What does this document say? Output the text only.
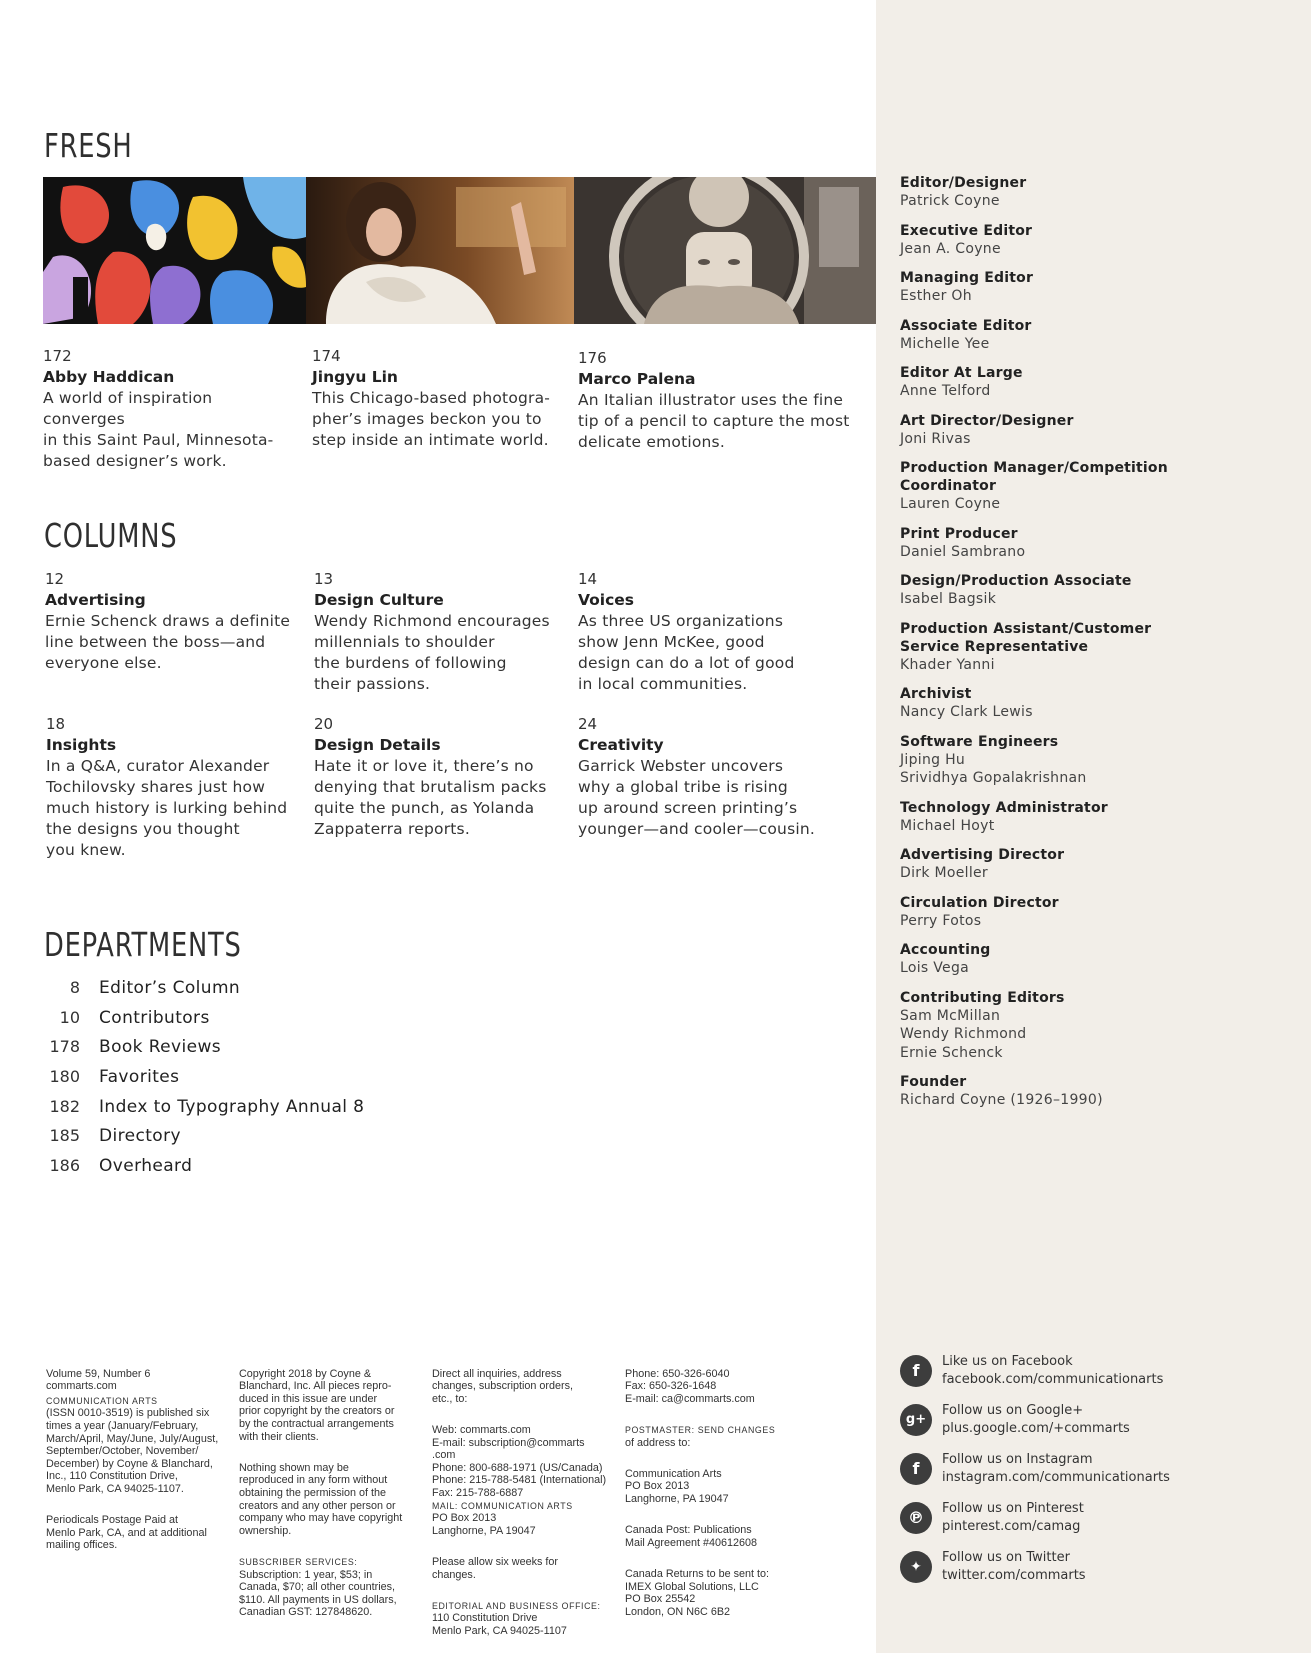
FRESH
172
Abby Haddican
A world of inspiration converges
in this Saint Paul, Minnesota-
based designer’s work.
174
Jingyu Lin
This Chicago-based photogra-
pher’s images beckon you to
step inside an intimate world.
176
Marco Palena
An Italian illustrator uses the fine
tip of a pencil to capture the most
delicate emotions.
COLUMNS
12
Advertising
Ernie Schenck draws a definite
line between the boss—and
everyone else.
13
Design Culture
Wendy Richmond encourages
millennials to shoulder
the burdens of following
their passions.
14
Voices
As three US organizations
show Jenn McKee, good
design can do a lot of good
in local communities.
18
Insights
In a Q&A, curator Alexander
Tochilovsky shares just how
much history is lurking behind
the designs you thought
you knew.
20
Design Details
Hate it or love it, there’s no
denying that brutalism packs
quite the punch, as Yolanda
Zappaterra reports.
24
Creativity
Garrick Webster uncovers
why a global tribe is rising
up around screen printing’s
younger—and cooler—cousin.
DEPARTMENTS
8 Editor’s Column
10 Contributors
178 Book Reviews
180 Favorites
182 Index to Typography Annual 8
185 Directory
186 Overheard
Editor/Designer
Patrick Coyne
Executive Editor
Jean A. Coyne
Managing Editor
Esther Oh
Associate Editor
Michelle Yee
Editor At Large
Anne Telford
Art Director/Designer
Joni Rivas
Production Manager/Competition
Coordinator
Lauren Coyne
Print Producer
Daniel Sambrano
Design/Production Associate
Isabel Bagsik
Production Assistant/Customer
Service Representative
Khader Yanni
Archivist
Nancy Clark Lewis
Software Engineers
Jiping Hu
Srividhya Gopalakrishnan
Technology Administrator
Michael Hoyt
Advertising Director
Dirk Moeller
Circulation Director
Perry Fotos
Accounting
Lois Vega
Contributing Editors
Sam McMillan
Wendy Richmond
Ernie Schenck
Founder
Richard Coyne (1926–1990)

Volume 59, Number 6
commarts.com
COMMUNICATION ARTS

(ISSN 0010-3519) is published six
times a year (January/February,
March/April, May/June, July/August,
September/October, November/
December) by Coyne & Blanchard,
Inc., 110 Constitution Drive,
Menlo Park, CA 94025-1107.

Periodicals Postage Paid at
Menlo Park, CA, and at additional
mailing offices.

Copyright 2018 by Coyne &
Blanchard, Inc. All pieces repro-
duced in this issue are under
prior copyright by the creators or
by the contractual arrangements
with their clients.

Nothing shown may be
reproduced in any form without
obtaining the permission of the
creators and any other person or
company who may have copyright
ownership.

SUBSCRIBER SERVICES:

Subscription: 1 year, $53; in
Canada, $70; all other countries,
$110. All payments in US dollars,
Canadian GST: 127848620.

Direct all inquiries, address
changes, subscription orders,
etc., to:

Web: commarts.com
E-mail: subscription@commarts
.com
Phone: 800-688-1971 (US/Canada)
Phone: 215-788-5481 (International)
Fax: 215-788-6887
MAIL: COMMUNICATION ARTS

PO Box 2013
Langhorne, PA 19047

Please allow six weeks for
changes.

EDITORIAL AND BUSINESS OFFICE:

110 Constitution Drive
Menlo Park, CA 94025-1107

Phone: 650-326-6040
Fax: 650-326-1648
E-mail: ca@commarts.com

POSTMASTER: SEND CHANGES

of address to:

Communication Arts
PO Box 2013
Langhorne, PA 19047

Canada Post: Publications
Mail Agreement #40612608

Canada Returns to be sent to:
IMEX Global Solutions, LLC
PO Box 25542
London, ON N6C 6B2

f	Like us on Facebook
facebook.com/communicationarts
g+
Follow us on Google+
plus.google.com/+commarts
f	Follow us on Instagram
instagram.com/communicationarts
℗	Follow us on Pinterest
pinterest.com/camag
✦
Follow us on Twitter
twitter.com/commarts
